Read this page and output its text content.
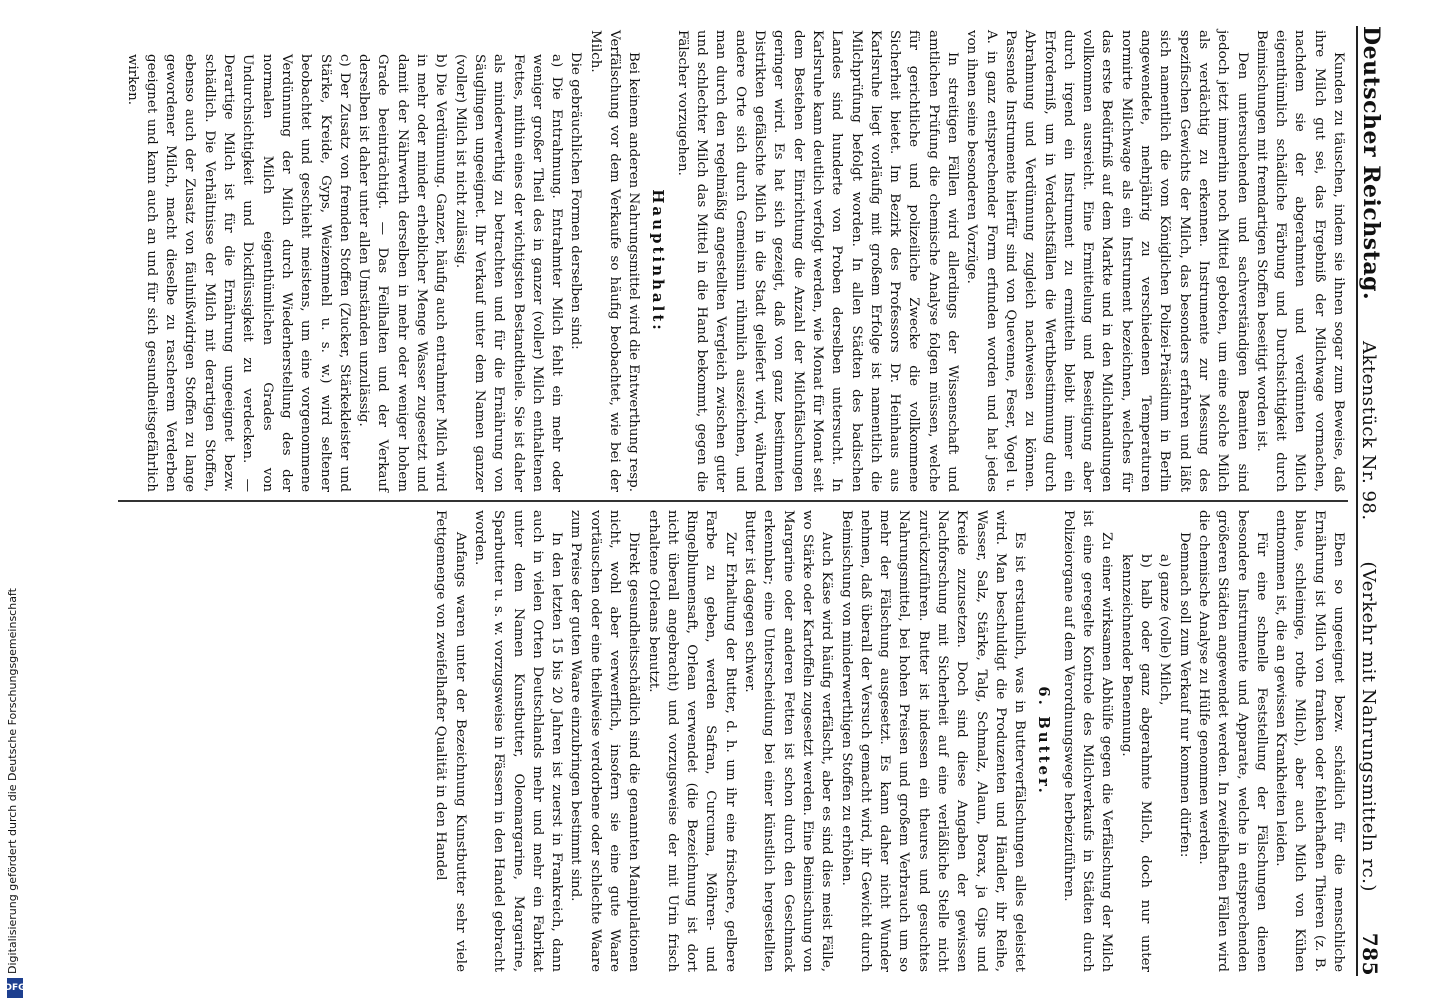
Digitalisierung gefördert durch die Deutsche Forschungsgemeinschaft
DFG
Deutscher Reichstag.
Aktenstück Nr. 98.
(Verkehr mit Nahrungsmitteln rc.)
785

Kunden zu täuschen, indem sie ihnen sogar zum Beweise, daß ihre Milch gut sei, das Ergebniß der Milchwage vormachen, nachdem sie der abgerahmten und verdünnten Milch eigenthümlich schädliche Färbung und Durchsichtigkeit durch Beimischungen mit fremdartigen Stoffen beseitigt worden ist.

Den untersuchenden und sachverständigen Beamten sind jedoch jetzt immerhin noch Mittel geboten, um eine solche Milch als verdächtig zu erkennen. Instrumente zur Messung des spezifischen Gewichts der Milch, das besonders erfahren und läßt sich namentlich die vom Königlichen Polizei-Präsidium in Berlin angewendete, mehrjährig zu verschiedenen Temperaturen normirte Milchwage als ein Instrument bezeichnen, welches für das erste Bedürfniß auf dem Markte und in den Milchhandlungen vollkommen ausreicht. Eine Ermittelung und Beseitigung aber durch irgend ein Instrument zu ermitteln bleibt immer ein Erforderniß, um in Verdachtsfällen die Werthbestimmung durch Abrahmung und Verdünnung zugleich nachweisen zu können. Passende Instrumente hierfür sind von Quevenne, Feser, Vogel u. A. in ganz entsprechender Form erfunden worden und hat jedes von ihnen seine besonderen Vorzüge.

In streitigen Fällen wird allerdings der Wissenschaft und amtlichen Prüfung die chemische Analyse folgen müssen, welche für gerichtliche und polizeiliche Zwecke die vollkommene Sicherheit bietet. Im Bezirk des Professors Dr. Heinhaus aus Karlsruhe liegt vorläufig mit großem Erfolge ist namentlich die Milchprüfung befolgt worden. In allen Städten des badischen Landes sind hunderte von Proben derselben untersucht. In Karlsruhe kann deutlich verfolgt werden, wie Monat für Monat seit dem Bestehen der Einrichtung die Anzahl der Milchfälschungen geringer wird. Es hat sich gezeigt, daß von ganz bestimmten Distrikten gefälschte Milch in die Stadt geliefert wird, während andere Orte sich durch Gemeinsinn rühmlich auszeichnen, und man durch den regelmäßig angestellten Vergleich zwischen guter und schlechter Milch das Mittel in die Hand bekommt, gegen die Fälscher vorzugehen.

Hauptinhalt:

Bei keinem anderen Nahrungsmittel wird die Entwerthung resp. Verfälschung vor dem Verkaufe so häufig beobachtet, wie bei der Milch.

Die gebräuchlichen Formen derselben sind:

a) Die Entrahmung. Entrahmter Milch fehlt ein mehr oder weniger großer Theil des in ganzer (voller) Milch enthaltenen Fettes, mithin eines der wichtigsten Bestandtheile. Sie ist daher als minderwerthig zu betrachten und für die Ernährung von Säuglingen ungeeignet. Ihr Verkauf unter dem Namen ganzer (voller) Milch ist nicht zulässig.

b) Die Verdünnung. Ganzer, häufig auch entrahmter Milch wird in mehr oder minder erheblicher Menge Wasser zugesetzt und damit der Nährwerth derselben in mehr oder weniger hohem Grade beeinträchtigt. — Das Feilhalten und der Verkauf derselben ist daher unter allen Umständen unzulässig.

c) Der Zusatz von fremden Stoffen (Zucker, Stärkekleister und Stärke, Kreide, Gyps, Weizenmehl u. s. w.) wird seltener beobachtet und geschieht meistens, um eine vorgenommene Verdünnung der Milch durch Wiederherstellung des der normalen Milch eigenthümlichen Grades von Undurchsichtigkeit und Dickflüssigkeit zu verdecken. — Derartige Milch ist für die Ernährung ungeeignet bezw. schädlich. Die Verhältnisse der Milch mit derartigen Stoffen, ebenso auch der Zusatz von fäulnißwidrigen Stoffen zu lange gewordener Milch, macht dieselbe zu rascherem Verderben geeignet und kann auch an und für sich gesundheitsgefährlich wirken.

Eben so ungeeignet bezw. schädlich für die menschliche Ernährung ist Milch von franken oder fehlerhaften Thieren (z. B. blaue, schleimige, rothe Milch), aber auch Milch von Kühen entnommen ist, die an gewissen Krankheiten leiden.

Für eine schnelle Feststellung der Fälschungen dienen besondere Instrumente und Apparate, welche in entsprechenden größeren Städten angewendet werden. In zweifelhaften Fällen wird die chemische Analyse zu Hülfe genommen werden.

Demnach soll zum Verkauf nur kommen dürfen:

a) ganze (volle) Milch,

b) halb oder ganz abgerahmte Milch, doch nur unter kennzeichnender Benennung.

Zu einer wirksamen Abhülfe gegen die Verfälschung der Milch ist eine geregelte Kontrole des Milchverkaufs in Städten durch Polizeiorgane auf dem Verordnungswege herbeizuführen.

6. Butter.

Es ist erstaunlich, was in Butterverfälschungen alles geleistet wird. Man beschuldigt die Produzenten und Händler, ihr Reihe, Wasser, Salz, Stärke, Talg, Schmalz, Alaun, Borax, ja Gips und Kreide zuzusetzen. Doch sind diese Angaben der gewissen Nachforschung mit Sicherheit auf eine verläßliche Stelle nicht zurückzuführen. Butter ist indessen ein theures und gesuchtes Nahrungsmittel, bei hohen Preisen und großem Verbrauch um so mehr der Fälschung ausgesetzt. Es kann daher nicht Wunder nehmen, daß überall der Versuch gemacht wird, ihr Gewicht durch Beimischung von minderwerthigen Stoffen zu erhöhen.

Auch Käse wird häufig verfälscht, aber es sind dies meist Fälle, wo Stärke oder Kartoffeln zugesetzt werden. Eine Beimischung von Margarine oder anderen Fetten ist schon durch den Geschmack erkennbar; eine Unterscheidung bei einer künstlich hergestellten Butter ist dagegen schwer.

Zur Erhaltung der Butter, d. h. um ihr eine frischere, gelbere Farbe zu geben, werden Safran, Curcuma, Möhren- und Ringelblumensaft, Orlean verwendet (die Bezeichnung ist dort nicht überall angebracht) und vorzugsweise der mit Urin frisch erhaltene Orleans benutzt.

Direkt gesundheitsschädlich sind die genannten Manipulationen nicht, wohl aber verwerflich, insofern sie eine gute Waare vortäuschen oder eine theilweise verdorbene oder schlechte Waare zum Preise der guten Waare einzubringen bestimmt sind.

In den letzten 15 bis 20 Jahren ist zuerst in Frankreich, dann auch in vielen Orten Deutschlands mehr und mehr ein Fabrikat unter dem Namen Kunstbutter, Oleomargarine, Margarine, Sparbutter u. s. w. vorzugsweise in Fässern in den Handel gebracht worden.

Anfangs waren unter der Bezeichnung Kunstbutter sehr viele Fettgemenge von zweifelhafter Qualität in den Handel
